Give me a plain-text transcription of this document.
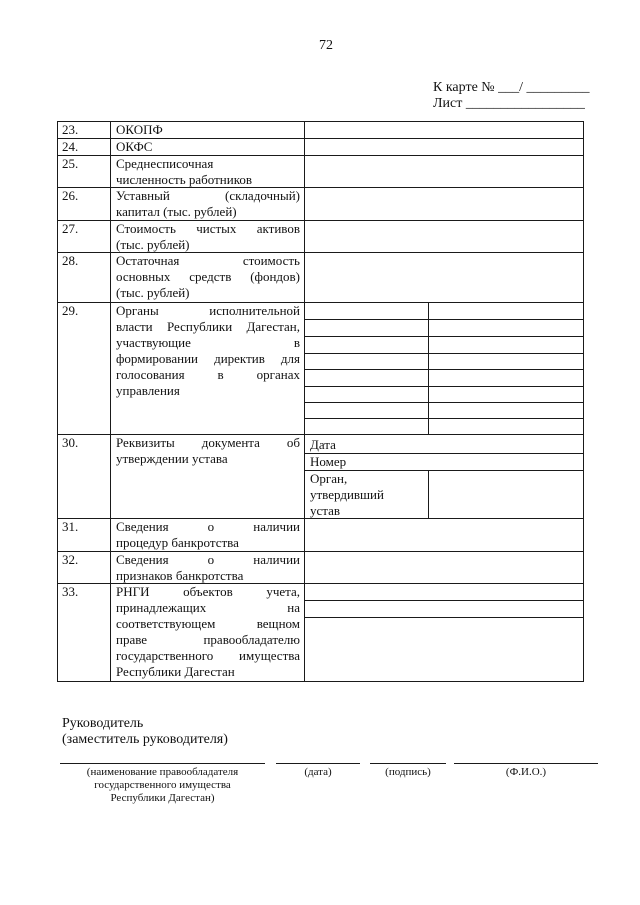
72
К карте № ___/ _________
Лист _________________
23.
24.
25.
26.
27.
28.
29.
30.
31.
32.
33.
ОКОПФ
ОКФС
Среднесписочная
численность работников
Уставный (складочный)
капитал (тыс. рублей)
Стоимость чистых активов
(тыс. рублей)
Остаточная стоимость
основных средств (фондов)
(тыс. рублей)
Органы исполнительной
власти Республики Дагестан,
участвующие в
формировании директив для
голосования в органах
управления
Реквизиты документа об
утверждении устава
Сведения о наличии
процедур банкротства
Сведения о наличии
признаков банкротства
РНГИ объектов учета,
принадлежащих на
соответствующем вещном
праве правообладателю
государственного имущества
Республики Дагестан
Дата
Номер
Орган,
утвердивший
устав
Руководитель
(заместитель руководителя)
(наименование правообладателя
государственного имущества
Республики Дагестан)
(дата)	(подпись)	(Ф.И.О.)
